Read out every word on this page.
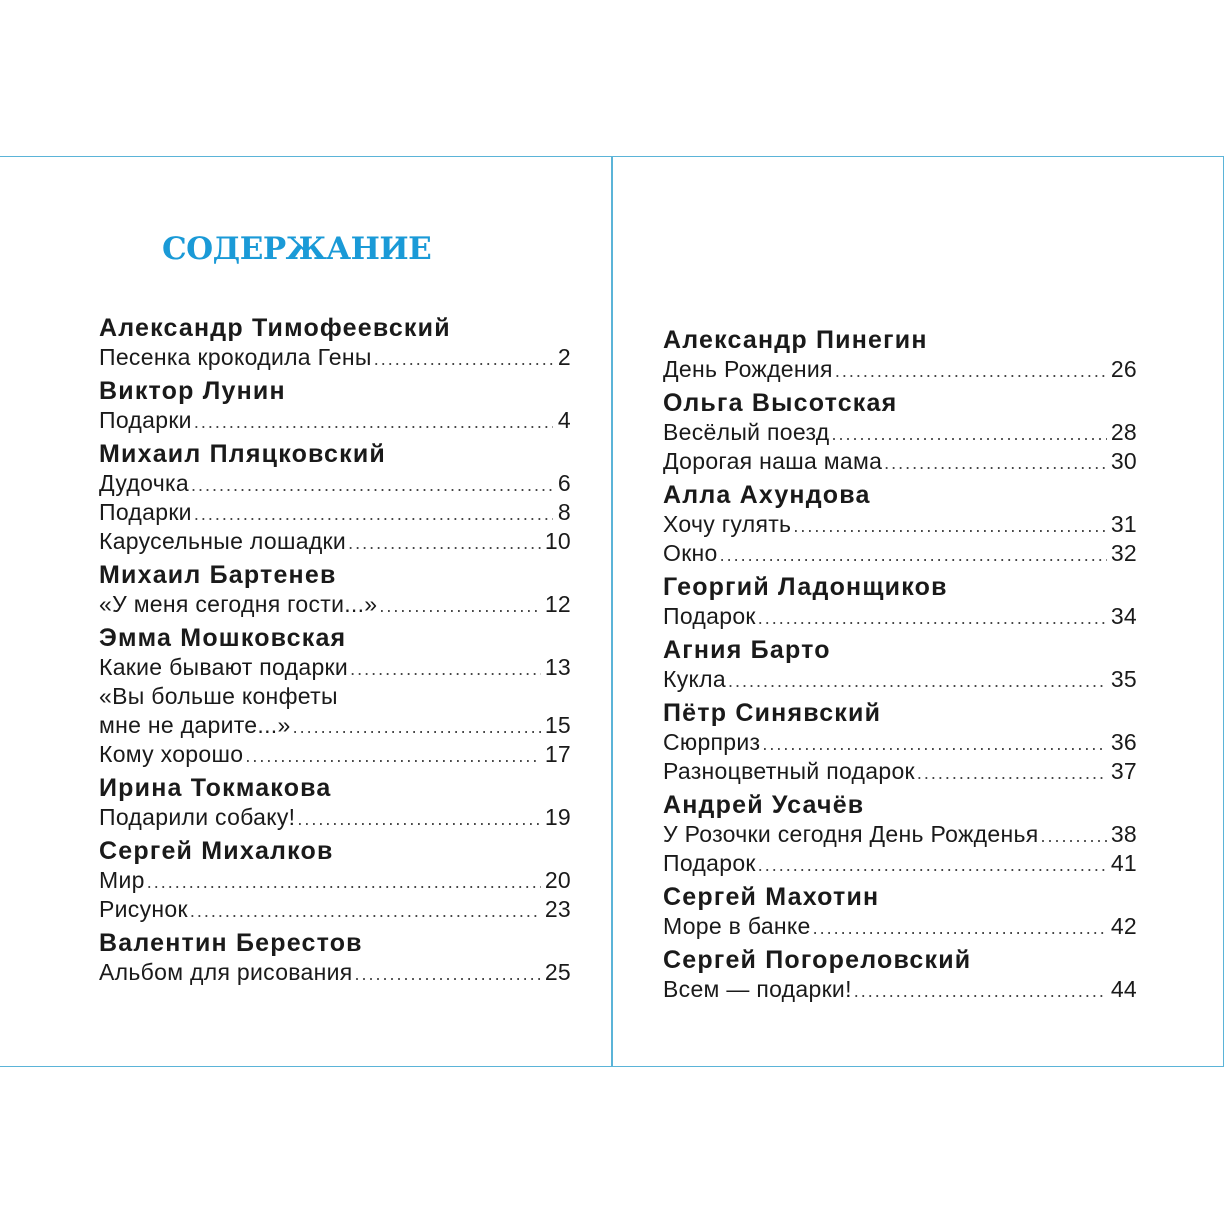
содержание
Александр Тимофеевский
Песенка крокодила Гены .....	2
Виктор Лунин
Подарки .....	4
Михаил Пляцковский
Дудочка .....	6
Подарки .....	8
Карусельные лошадки .....	10
Михаил Бартенев
«У меня сегодня гости...» .....	12
Эмма Мошковская
Какие бывают подарки .....	13
«Вы больше конфеты
мне не дарите...» .....	15
Кому хорошо .....	17
Ирина Токмакова
Подарили собаку! .....	19
Сергей Михалков
Мир .....	20
Рисунок .....	23
Валентин Берестов
Альбом для рисования .....	25
Александр Пинегин
День Рождения .....	26
Ольга Высотская
Весёлый поезд .....	28
Дорогая наша мама .....	30
Алла Ахундова
Хочу гулять .....	31
Окно .....	32
Георгий Ладонщиков
Подарок .....	34
Агния Барто
Кукла .....	35
Пётр Синявский
Сюрприз .....	36
Разноцветный подарок .....	37
Андрей Усачёв
У Розочки сегодня День Рожденья .....	38
Подарок .....	41
Сергей Махотин
Море в банке .....	42
Сергей Погореловский
Всем — подарки! .....	44
